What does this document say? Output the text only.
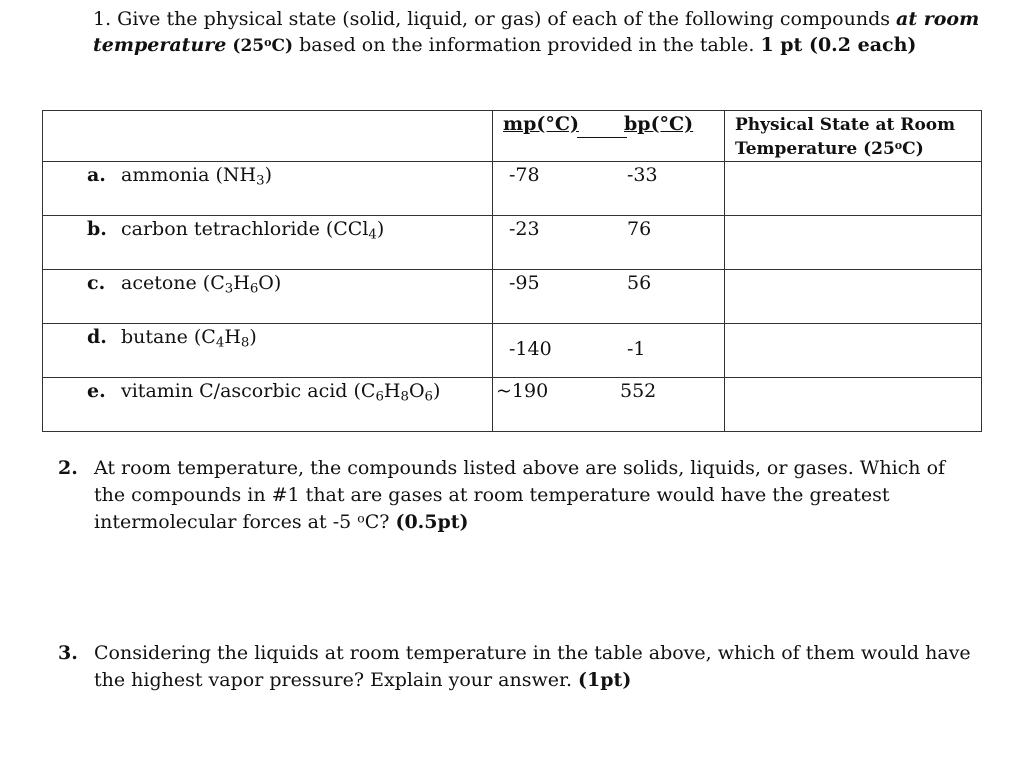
1. Give the physical state (solid, liquid, or gas) of each of the following compounds at room temperature (25$^o$C) based on the information provided in the table. 1 pt (0.2 each)

	mp(°C) bp(°C)	Physical State at Room
Temperature (25$^o$C)

a. ammonia $(NH_3)$	-78 -33	

b. carbon tetrachloride (CCl$_4$)	-23 76	

c. acetone $(C_3H_6O)$	-95 56	

d. butane $(C_4H_8)$	-140 -1	

e. vitamin C/ascorbic acid $(C_6H_8O_6)$	~190 552	

2. At room temperature, the compounds listed above are solids, liquids, or gases. Which of the compounds in #1 that are gases at room temperature would have the greatest intermolecular forces at -5 $^o$C? (0.5pt)
3. Considering the liquids at room temperature in the table above, which of them would have the highest vapor pressure? Explain your answer. (1pt)
